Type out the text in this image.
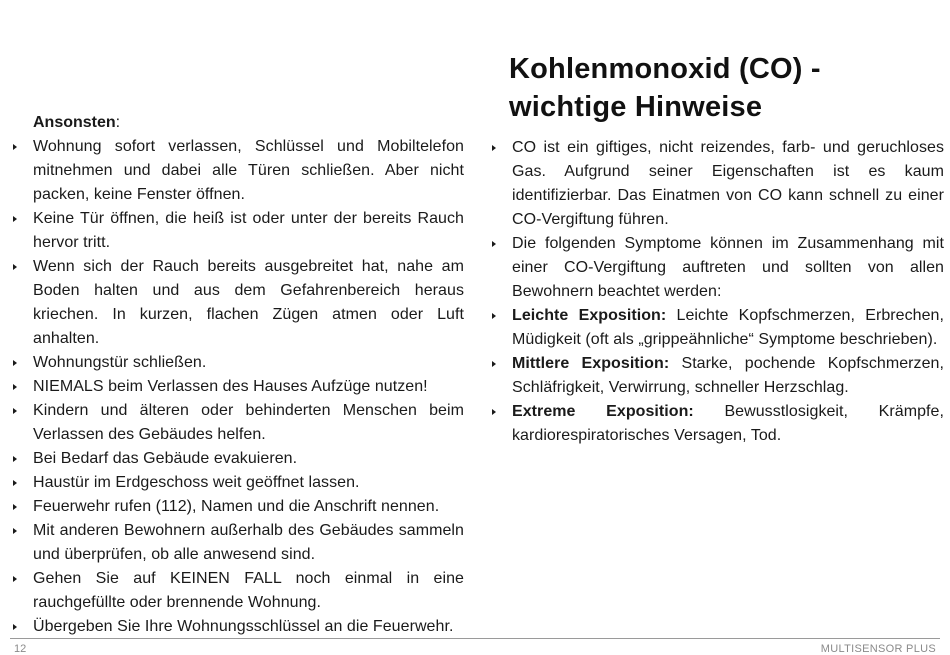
Ansonsten:

Wohnung sofort verlassen, Schlüssel und Mobiltelefon mitnehmen und dabei alle Türen schließen. Aber nicht packen, keine Fenster öffnen.
Keine Tür öffnen, die heiß ist oder unter der bereits Rauch hervor tritt.
Wenn sich der Rauch bereits ausgebreitet hat, nahe am Boden halten und aus dem Gefahrenbereich heraus kriechen. In kurzen, flachen Zügen atmen oder Luft anhalten.
Wohnungstür schließen.
NIEMALS beim Verlassen des Hauses Aufzüge nutzen!
Kindern und älteren oder behinderten Menschen beim Verlassen des Gebäudes helfen.
Bei Bedarf das Gebäude evakuieren.
Haustür im Erdgeschoss weit geöffnet lassen.
Feuerwehr rufen (112), Namen und die Anschrift nennen.
Mit anderen Bewohnern außerhalb des Gebäudes sammeln und überprüfen, ob alle anwesend sind.
Gehen Sie auf KEINEN FALL noch einmal in eine rauchgefüllte oder brennende Wohnung.
Übergeben Sie Ihre Wohnungsschlüssel an die Feuerwehr.
Kohlenmonoxid (CO) -
wichtige Hinweise
CO ist ein giftiges, nicht reizendes, farb- und geruchloses Gas. Aufgrund seiner Eigenschaften ist es kaum identifizierbar. Das Einatmen von CO kann schnell zu einer CO-Vergiftung führen.
Die folgenden Symptome können im Zusammenhang mit einer CO-Vergiftung auftreten und sollten von allen Bewohnern beachtet werden:
Leichte Exposition: Leichte Kopfschmerzen, Erbrechen, Müdigkeit (oft als „grippeähnliche“ Symptome beschrieben).
Mittlere Exposition: Starke, pochende Kopfschmerzen, Schläfrigkeit, Verwirrung, schneller Herzschlag.
Extreme Exposition: Bewusstlosigkeit, Krämpfe, kardiorespiratorisches Versagen, Tod.
12	MULTISENSOR PLUS
